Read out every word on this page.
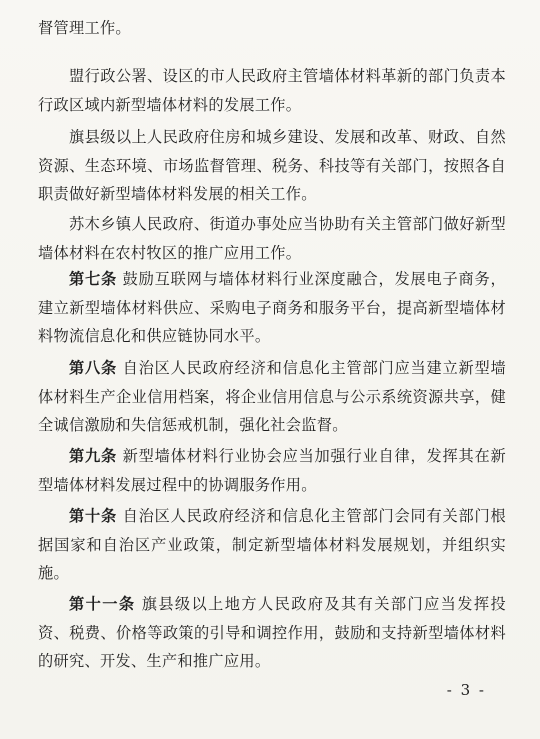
督管理工作。

盟行政公署、设区的市人民政府主管墙体材料革新的部门负责本行政区域内新型墙体材料的发展工作。

旗县级以上人民政府住房和城乡建设、发展和改革、财政、自然资源、生态环境、市场监督管理、税务、科技等有关部门，按照各自职责做好新型墙体材料发展的相关工作。

苏木乡镇人民政府、街道办事处应当协助有关主管部门做好新型墙体材料在农村牧区的推广应用工作。

第七条 鼓励互联网与墙体材料行业深度融合，发展电子商务，建立新型墙体材料供应、采购电子商务和服务平台，提高新型墙体材料物流信息化和供应链协同水平。

第八条 自治区人民政府经济和信息化主管部门应当建立新型墙体材料生产企业信用档案，将企业信用信息与公示系统资源共享，健全诚信激励和失信惩戒机制，强化社会监督。

第九条 新型墙体材料行业协会应当加强行业自律，发挥其在新型墙体材料发展过程中的协调服务作用。

第十条 自治区人民政府经济和信息化主管部门会同有关部门根据国家和自治区产业政策，制定新型墙体材料发展规划，并组织实施。

第十一条 旗县级以上地方人民政府及其有关部门应当发挥投资、税费、价格等政策的引导和调控作用，鼓励和支持新型墙体材料的研究、开发、生产和推广应用。

- 3 -
